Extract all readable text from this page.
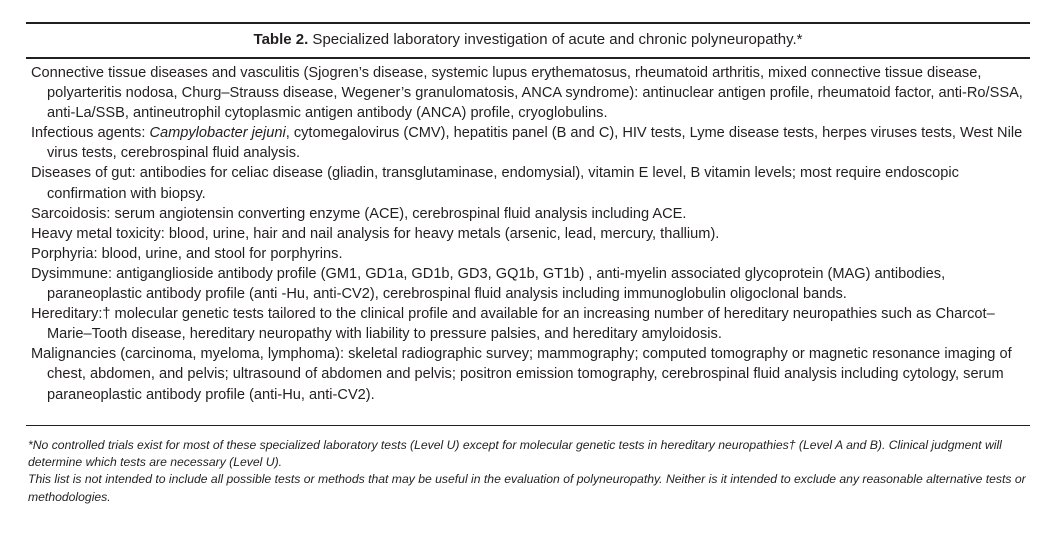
Table 2. Specialized laboratory investigation of acute and chronic polyneuropathy.*
Connective tissue diseases and vasculitis (Sjogren’s disease, systemic lupus erythematosus, rheumatoid arthritis, mixed connective tissue disease, polyarteritis nodosa, Churg–Strauss disease, Wegener’s granulomatosis, ANCA syndrome): antinuclear antigen profile, rheumatoid factor, anti-Ro/SSA, anti-La/SSB, antineutrophil cytoplasmic antigen antibody (ANCA) profile, cryoglobulins.
Infectious agents: Campylobacter jejuni, cytomegalovirus (CMV), hepatitis panel (B and C), HIV tests, Lyme disease tests, herpes viruses tests, West Nile virus tests, cerebrospinal fluid analysis.
Diseases of gut: antibodies for celiac disease (gliadin, transglutaminase, endomysial), vitamin E level, B vitamin levels; most require endoscopic confirmation with biopsy.
Sarcoidosis: serum angiotensin converting enzyme (ACE), cerebrospinal fluid analysis including ACE.
Heavy metal toxicity: blood, urine, hair and nail analysis for heavy metals (arsenic, lead, mercury, thallium).
Porphyria: blood, urine, and stool for porphyrins.
Dysimmune: antiganglioside antibody profile (GM1, GD1a, GD1b, GD3, GQ1b, GT1b) , anti-myelin associated glycoprotein (MAG) antibodies, paraneoplastic antibody profile (anti -Hu, anti-CV2), cerebrospinal fluid analysis including immunoglobulin oligoclonal bands.
Hereditary:† molecular genetic tests tailored to the clinical profile and available for an increasing number of hereditary neuropathies such as Charcot–Marie–Tooth disease, hereditary neuropathy with liability to pressure palsies, and hereditary amyloidosis.
Malignancies (carcinoma, myeloma, lymphoma): skeletal radiographic survey; mammography; computed tomography or magnetic resonance imaging of chest, abdomen, and pelvis; ultrasound of abdomen and pelvis; positron emission tomography, cerebrospinal fluid analysis including cytology, serum paraneoplastic antibody profile (anti-Hu, anti-CV2).
*No controlled trials exist for most of these specialized laboratory tests (Level U) except for molecular genetic tests in hereditary neuropathies† (Level A and B). Clinical judgment will determine which tests are necessary (Level U).
This list is not intended to include all possible tests or methods that may be useful in the evaluation of polyneuropathy. Neither is it intended to exclude any reasonable alternative tests or methodologies.
